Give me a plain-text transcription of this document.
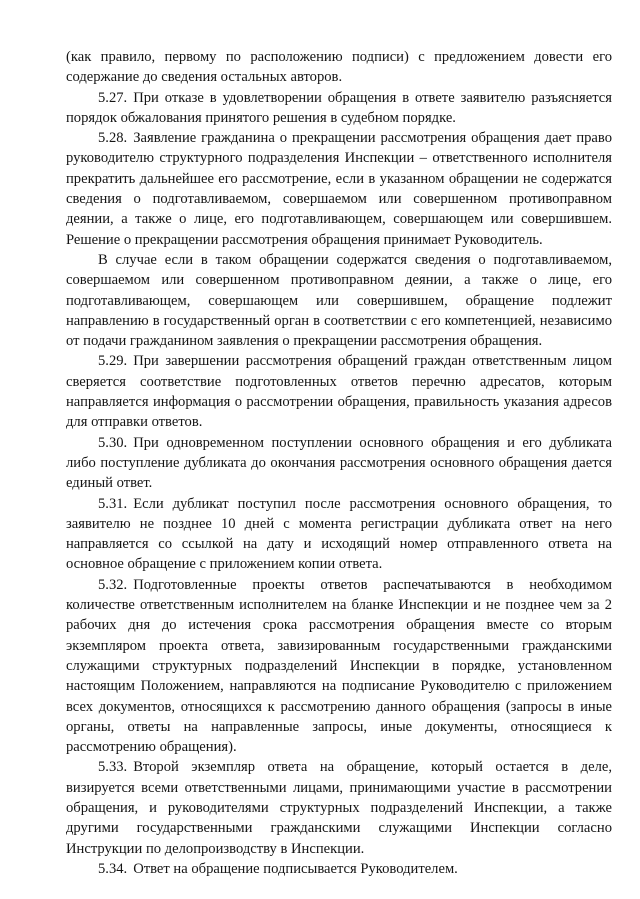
(как правило, первому по расположению подписи) с предложением довести его содержание до сведения остальных авторов.

5.27. При отказе в удовлетворении обращения в ответе заявителю разъясняется порядок обжалования принятого решения в судебном порядке.

5.28. Заявление гражданина о прекращении рассмотрения обращения дает право руководителю структурного подразделения Инспекции – ответственного исполнителя прекратить дальнейшее его рассмотрение, если в указанном обращении не содержатся сведения о подготавливаемом, совершаемом или совершенном противоправном деянии, а также о лице, его подготавливающем, совершающем или совершившем. Решение о прекращении рассмотрения обращения принимает Руководитель.

В случае если в таком обращении содержатся сведения о подготавливаемом, совершаемом или совершенном противоправном деянии, а также о лице, его подготавливающем, совершающем или совершившем, обращение подлежит направлению в государственный орган в соответствии с его компетенцией, независимо от подачи гражданином заявления о прекращении рассмотрения обращения.

5.29. При завершении рассмотрения обращений граждан ответственным лицом сверяется соответствие подготовленных ответов перечню адресатов, которым направляется информация о рассмотрении обращения, правильность указания адресов для отправки ответов.

5.30. При одновременном поступлении основного обращения и его дубликата либо поступление дубликата до окончания рассмотрения основного обращения дается единый ответ.

5.31. Если дубликат поступил после рассмотрения основного обращения, то заявителю не позднее 10 дней с момента регистрации дубликата ответ на него направляется со ссылкой на дату и исходящий номер отправленного ответа на основное обращение с приложением копии ответа.

5.32. Подготовленные проекты ответов распечатываются в необходимом количестве ответственным исполнителем на бланке Инспекции и не позднее чем за 2 рабочих дня до истечения срока рассмотрения обращения вместе со вторым экземпляром проекта ответа, завизированным государственными гражданскими служащими структурных подразделений Инспекции в порядке, установленном настоящим Положением, направляются на подписание Руководителю с приложением всех документов, относящихся к рассмотрению данного обращения (запросы в иные органы, ответы на направленные запросы, иные документы, относящиеся к рассмотрению обращения).

5.33. Второй экземпляр ответа на обращение, который остается в деле, визируется всеми ответственными лицами, принимающими участие в рассмотрении обращения, и руководителями структурных подразделений Инспекции, а также другими государственными гражданскими служащими Инспекции согласно Инструкции по делопроизводству в Инспекции.

5.34. Ответ на обращение подписывается Руководителем.
